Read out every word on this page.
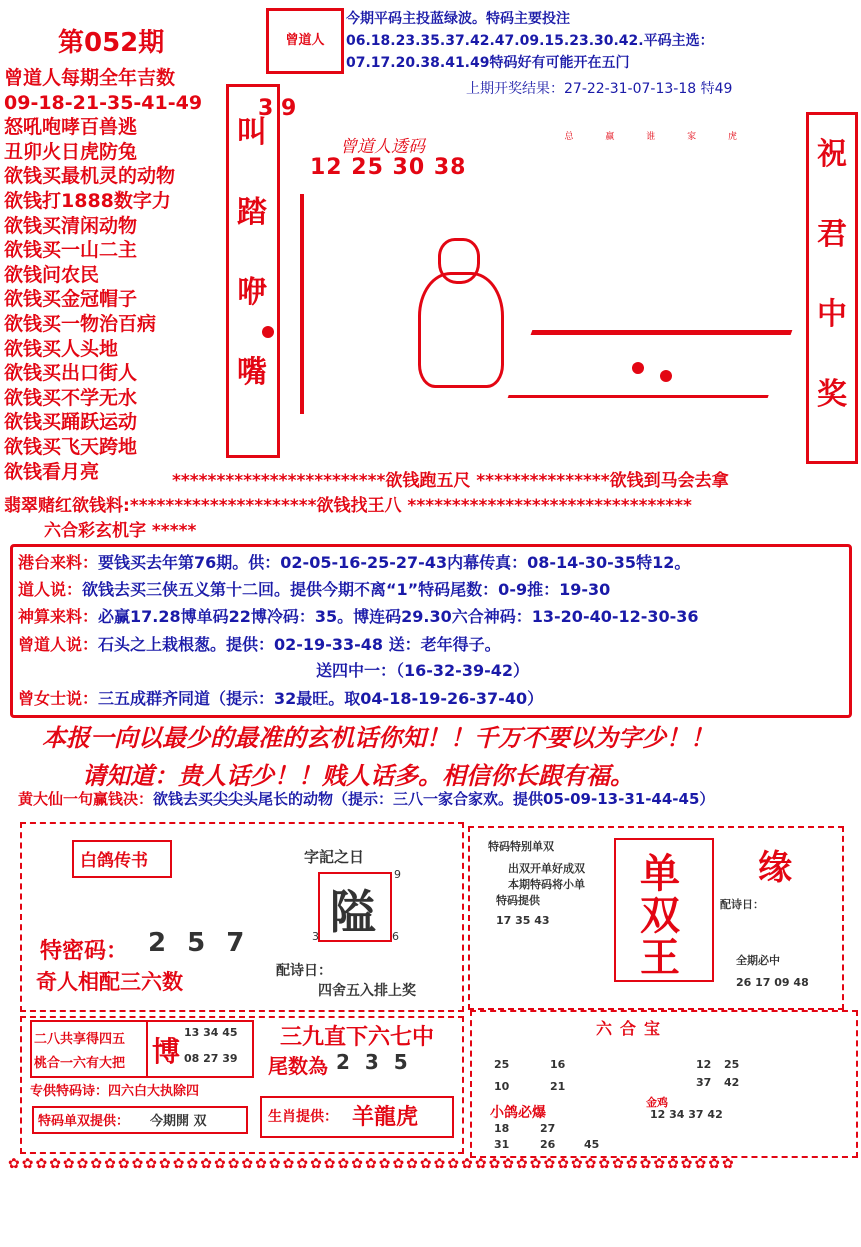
第052期	曾道人
今期平码主投蓝绿波。特码主要投注06.18.23.35.37.42.47.09.15.23.30.42.平码主选：07.17.20.38.41.49特码好有可能开在五门
上期开奖结果：27-22-31-07-13-18 特49
曾道人每期全年吉数
09-18-21-35-41-49
怒吼咆哮百兽逃
丑卯火日虎防兔
欲钱买最机灵的动物
欲钱打1888数字力
欲钱买清闲动物
欲钱买一山二主
欲钱问农民
欲钱买金冠帽子
欲钱买一物治百病
欲钱买人头地
欲钱买出口街人
欲钱买不学无水
欲钱买踊跃运动
欲钱买飞天跨地
欲钱看月亮
叫
踏
咿
嘴
祝
君
中
奖
3 9
曾道人透码
12 25 30 38
总	赢	谁	家	虎
************************欲钱跑五尺 ***************欲钱到马会去拿
翡翠赌红欲钱料:*********************欲钱找王八 ********************************
六合彩玄机字 *****
本报一向以最少的最准的玄机话你知！！千万不要以为字少！！
请知道：贵人话少！！贱人话多。相信你长跟有福。
黄大仙一句赢钱决：欲钱去买尖尖头尾长的动物（提示：三八一家合家欢。提供05-09-13-31-44-45）
白鸽传书
特密码： 2 5 7
奇人相配三六数
字記之日
隘
9
3	6
配诗日：
四舍五入排上奖
特码特别单双
出双开单好成双
本期特码将小单
特码提供
17 35 43
单
双
王
缘
配诗日：
全期必中
26 17 09 48
二八共享得四五
桃合一六有大把
专供特码诗：四六白大执除四
博
13 34 45
08 27 39
三九直下六七中
尾数為 2 3 5
特码单双提供： 今期開 双	生肖提供： 羊龍虎
六合宝
25	16
10	21
小鸽必爆
18	27
31	26	45
12 25
37 42
金鸡
12 34 37 42
✿✿✿✿✿✿✿✿✿✿✿✿✿✿✿✿✿✿✿✿✿✿✿✿✿✿✿✿✿✿✿✿✿✿✿✿✿✿✿✿✿✿✿✿✿✿✿✿✿✿✿✿✿
港台来料：要钱买去年第76期。供：02-05-16-25-27-43内幕传真：08-14-30-35特12。
道人说：欲钱去买三侠五义第十二回。提供今期不离“1”特码尾数：0-9推：19-30
神算来料：必赢17.28博单码22博冷码：35。博连码29.30六合神码：13-20-40-12-30-36
曾道人说：石头之上栽根葱。提供：02-19-33-48 送：老年得子。
送四中一：（16-32-39-42）
曾女士说：三五成群齐同道（提示：32最旺。取04-18-19-26-37-40）
